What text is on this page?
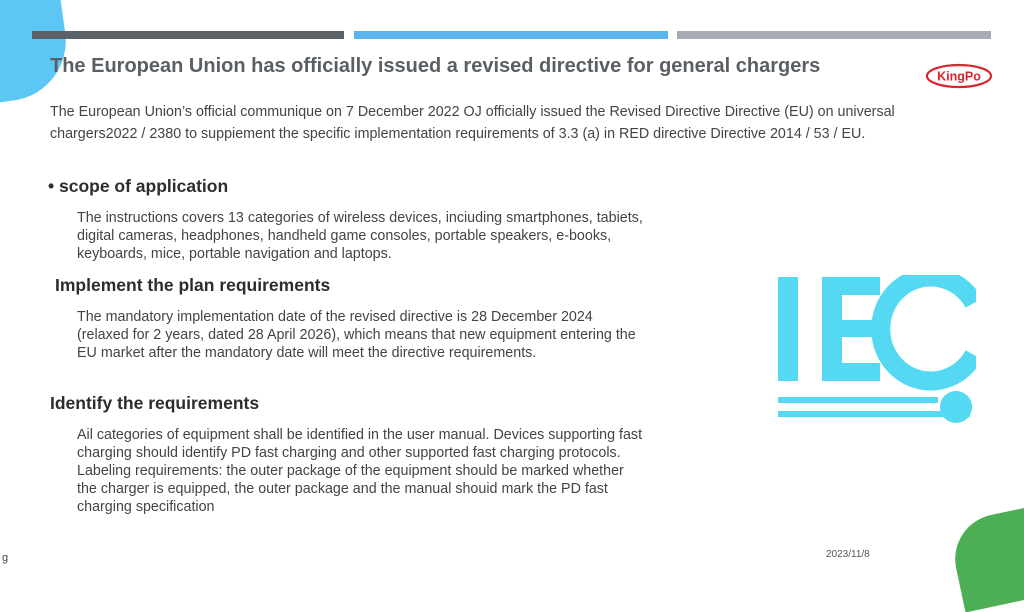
The European Union has officially issued a revised directive for general chargers	KingPo
The European Union’s official communique on 7 December 2022 OJ officially issued the Revised Directive Directive (EU) on universal chargers2022 / 2380 to suppiement the specific implementation requirements of 3.3 (a) in RED directive Directive 2014 / 53 / EU.
• scope of application
The instructions covers 13 categories of wireless devices, inciuding smartphones, tabiets, digital cameras, headphones, handheld game consoles, portable speakers, e-books, keyboards, mice, portable navigation and laptops.
Implement the plan requirements
The mandatory implementation date of the revised directive is 28 December 2024 (relaxed for 2 years, dated 28 April 2026), which means that new equipment entering the EU market after the mandatory date will meet the directive requirements.
Identify the requirements
Ail categories of equipment shall be identified in the user manual. Devices supporting fast charging should identify PD fast charging and other supported fast charging protocols. Labeling requirements: the outer package of the equipment should be marked whether the charger is equipped, the outer package and the manual shouid mark the PD fast charging specification
2023/11/8
g
